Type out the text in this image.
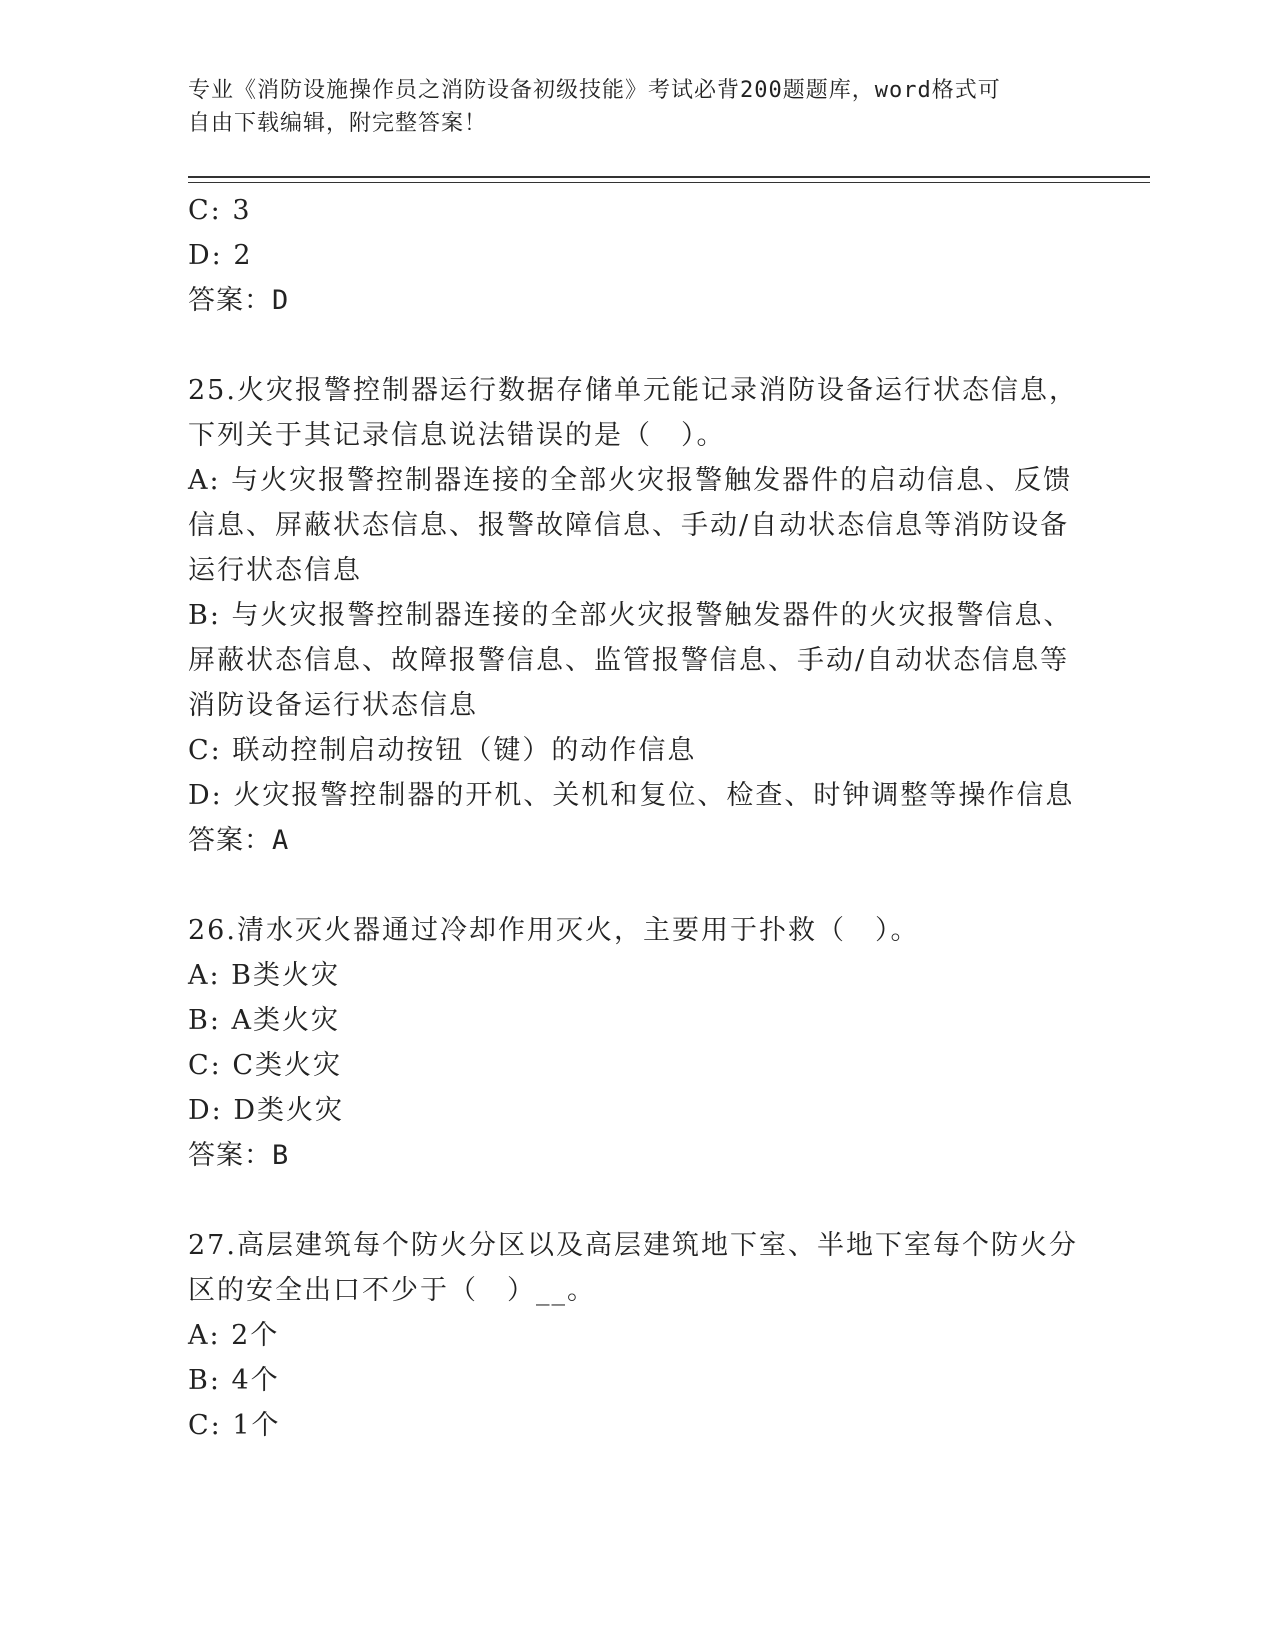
专业《消防设施操作员之消防设备初级技能》考试必背200题题库，word格式可
自由下载编辑，附完整答案！
C: 3
D: 2
答案：D
25.火灾报警控制器运行数据存储单元能记录消防设备运行状态信息，
下列关于其记录信息说法错误的是（　）。
A: 与火灾报警控制器连接的全部火灾报警触发器件的启动信息、反馈
信息、屏蔽状态信息、报警故障信息、手动/自动状态信息等消防设备
运行状态信息
B: 与火灾报警控制器连接的全部火灾报警触发器件的火灾报警信息、
屏蔽状态信息、故障报警信息、监管报警信息、手动/自动状态信息等
消防设备运行状态信息
C: 联动控制启动按钮（键）的动作信息
D: 火灾报警控制器的开机、关机和复位、检查、时钟调整等操作信息
答案：A
26.清水灭火器通过冷却作用灭火，主要用于扑救（　）。
A: B类火灾
B: A类火灾
C: C类火灾
D: D类火灾
答案：B
27.高层建筑每个防火分区以及高层建筑地下室、半地下室每个防火分
区的安全出口不少于（　）__。
A: 2个
B: 4个
C: 1个
